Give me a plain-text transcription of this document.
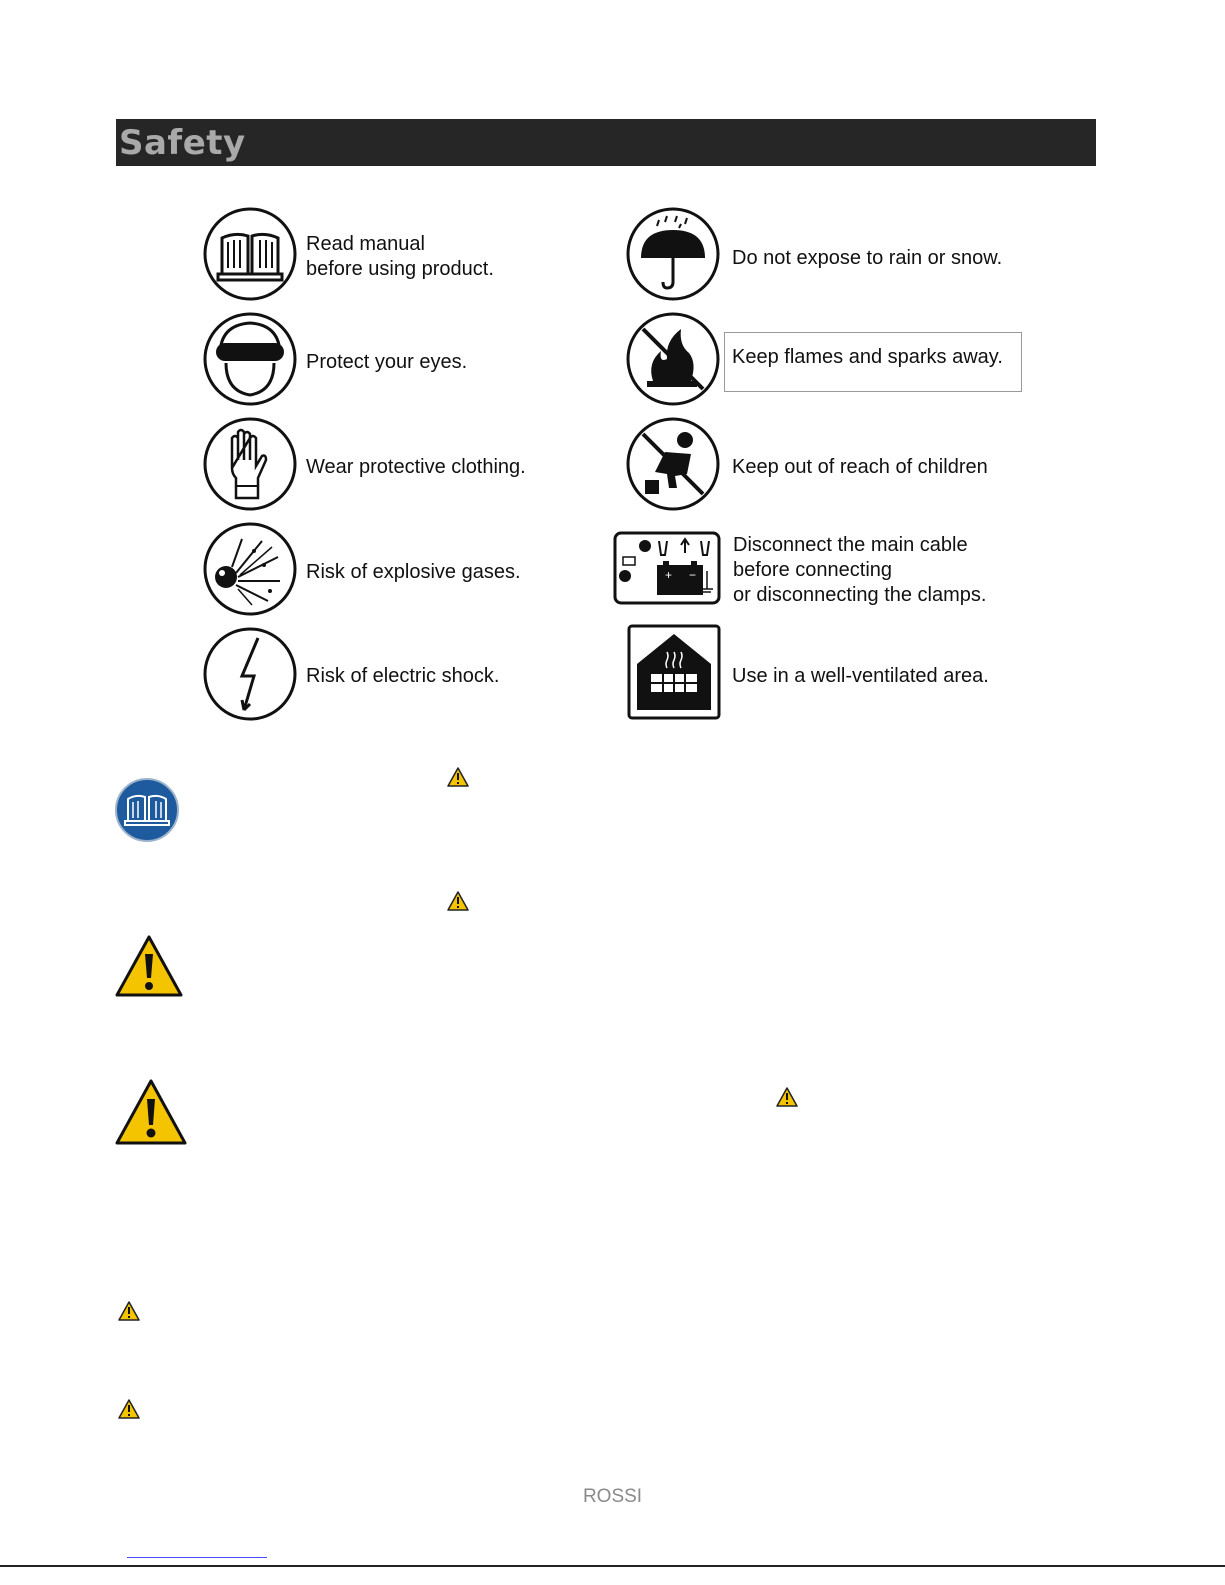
Safety
Read manual
before using product.
Protect your eyes.
Wear protective clothing.
Risk of explosive gases.
Risk of electric shock.
Do not expose to rain or snow.
Keep flames and sparks away.
Keep out of reach of children
+ −
Disconnect the main cable
before connecting
or disconnecting the clamps.
Use in a well-ventilated area.
ROSSI
